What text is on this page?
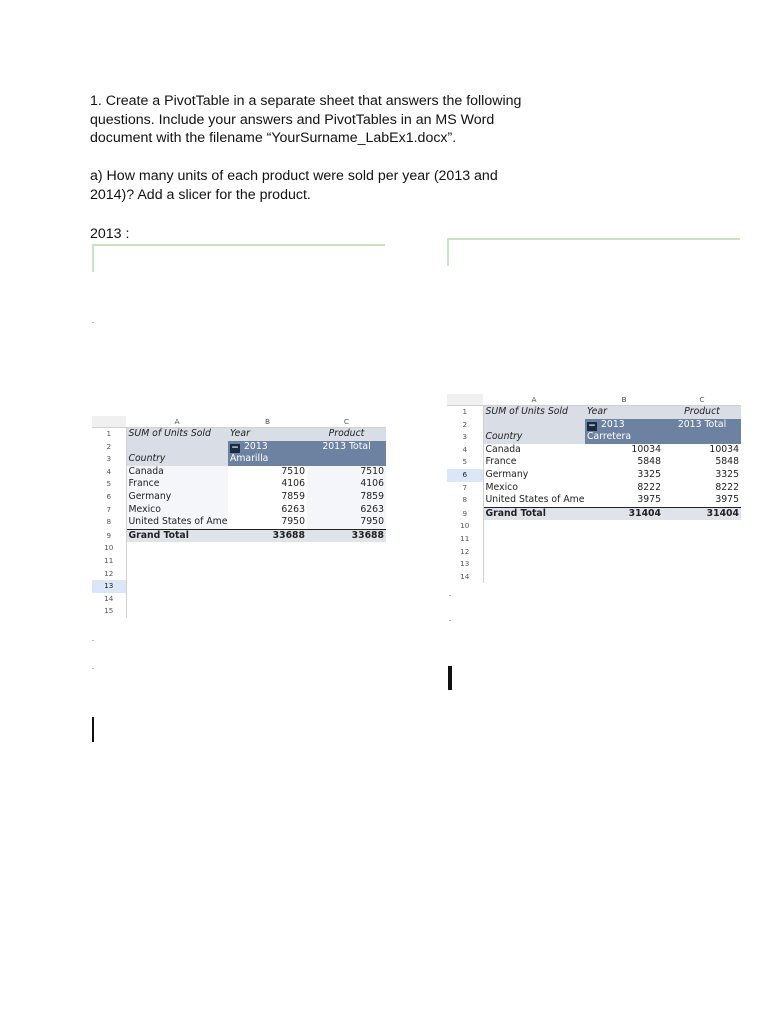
1. Create a PivotTable in a separate sheet that answers the following questions. Include your answers and PivotTables in an MS Word document with the filename “YourSurname_LabEx1.docx”.

a) How many units of each product were sold per year (2013 and 2014)? Add a slicer for the product.

2013 :

	A	B	C
1	SUM of Units Sold	Year	Product
2		− 2013	2013 Total
3	Country	Amarilla	
4	Canada	7510	7510
5	France	4106	4106
6	Germany	7859	7859
7	Mexico	6263	6263
8	United States of Ame	7950	7950
9	Grand Total	33688	33688
10			
11			
12			
13			
14			
15			
	A	B	C
1	SUM of Units Sold	Year	Product
2		− 2013	2013 Total
3	Country	Carretera	
4	Canada	10034	10034
5	France	5848	5848
6	Germany	3325	3325
7	Mexico	8222	8222
8	United States of Ame	3975	3975
9	Grand Total	31404	31404
10			
11			
12			
13			
14			
